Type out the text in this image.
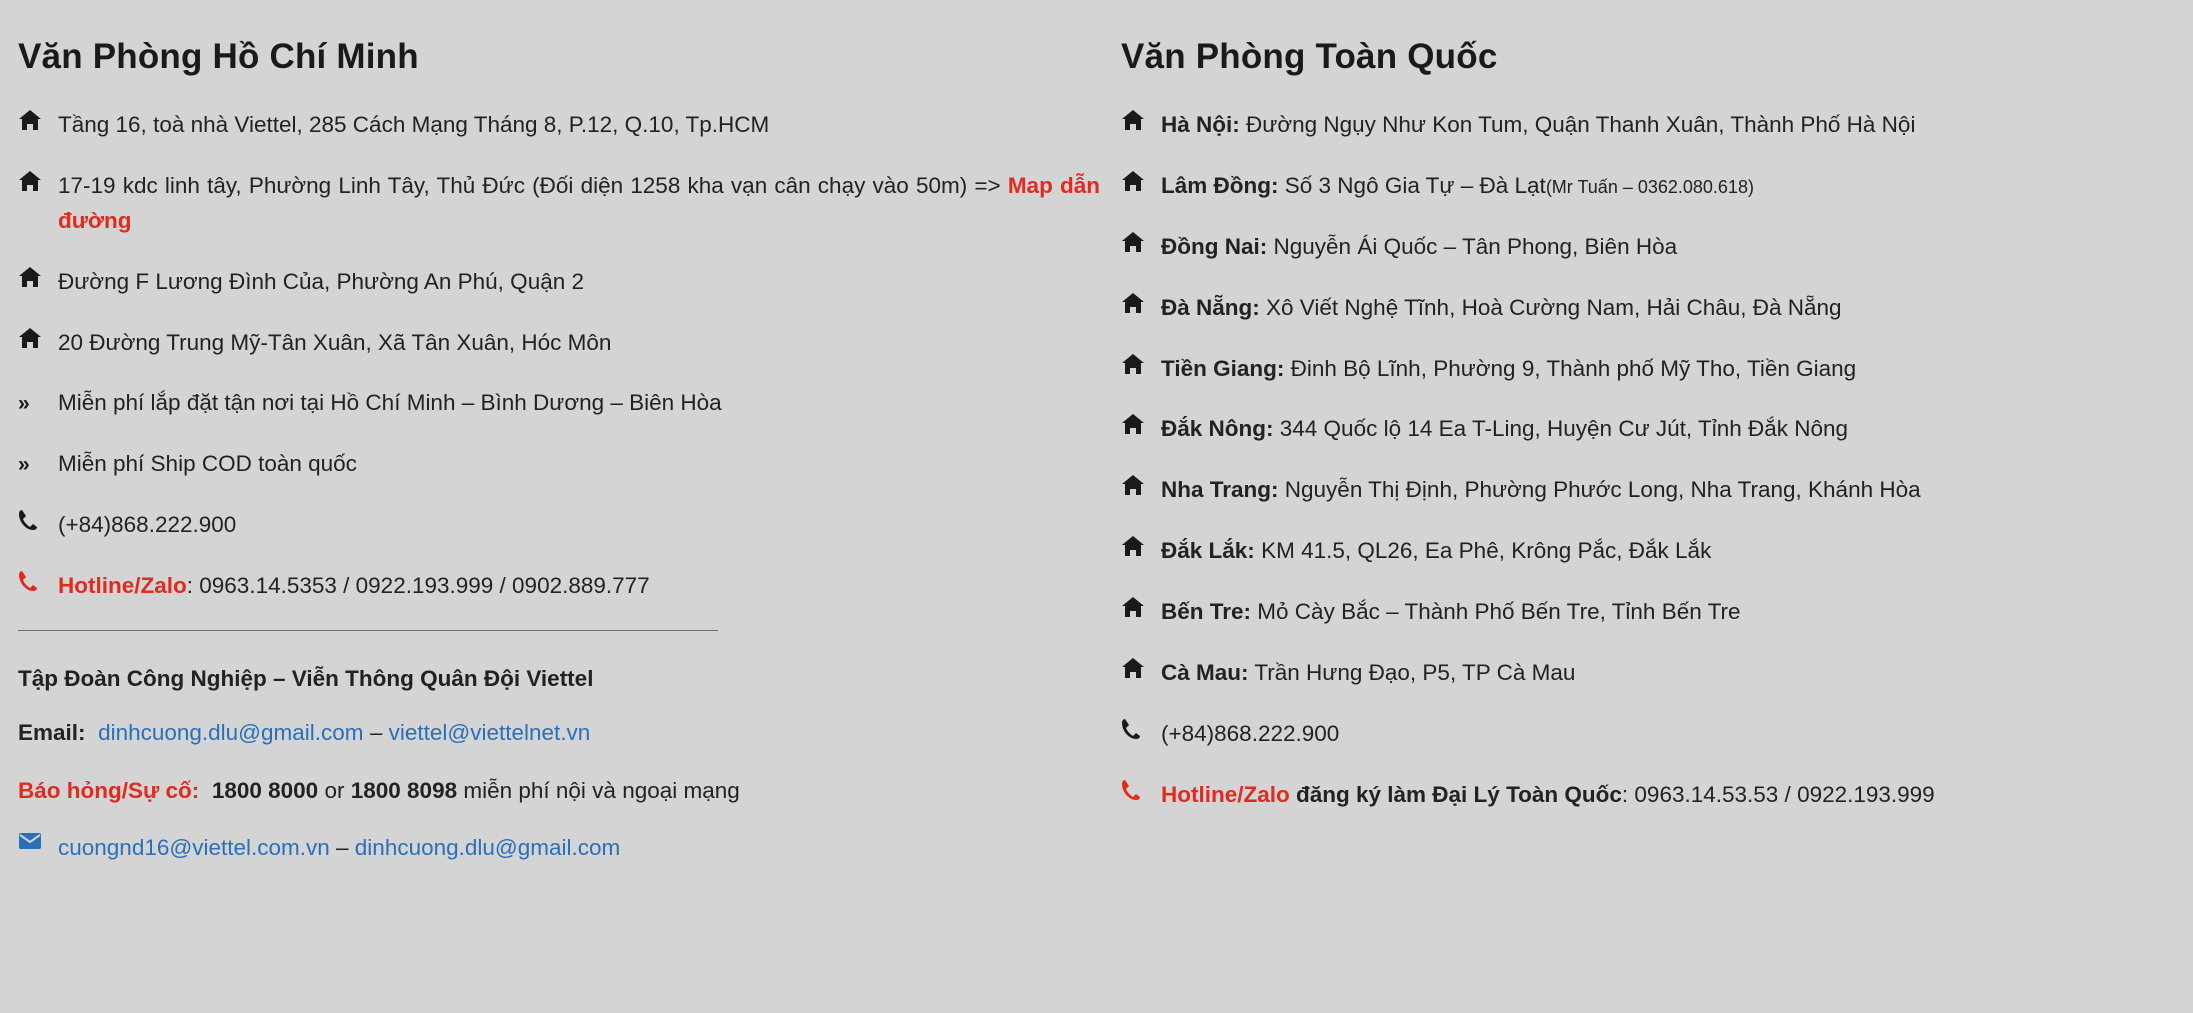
Văn Phòng Hồ Chí Minh
Tầng 16, toà nhà Viettel, 285 Cách Mạng Tháng 8, P.12, Q.10, Tp.HCM
17-19 kdc linh tây, Phường Linh Tây, Thủ Đức (Đối diện 1258 kha vạn cân chạy vào 50m) => Map dẫn đường
Đường F Lương Đình Của, Phường An Phú, Quận 2
20 Đường Trung Mỹ-Tân Xuân, Xã Tân Xuân, Hóc Môn
»	Miễn phí lắp đặt tận nơi tại Hồ Chí Minh – Bình Dương – Biên Hòa
»	Miễn phí Ship COD toàn quốc
(+84)868.222.900
Hotline/Zalo: 0963.14.5353 / 0922.193.999 / 0902.889.777
Tập Đoàn Công Nghiệp – Viễn Thông Quân Đội Viettel
Email: dinhcuong.dlu@gmail.com – viettel@viettelnet.vn
Báo hỏng/Sự cố: 1800 8000 or 1800 8098 miễn phí nội và ngoại mạng
cuongnd16@viettel.com.vn – dinhcuong.dlu@gmail.com
Văn Phòng Toàn Quốc
Hà Nội: Đường Ngụy Như Kon Tum, Quận Thanh Xuân, Thành Phố Hà Nội
Lâm Đồng: Số 3 Ngô Gia Tự – Đà Lạt(Mr Tuấn – 0362.080.618)
Đồng Nai: Nguyễn Ái Quốc – Tân Phong, Biên Hòa
Đà Nẵng: Xô Viết Nghệ Tĩnh, Hoà Cường Nam, Hải Châu, Đà Nẵng
Tiền Giang: Đinh Bộ Lĩnh, Phường 9, Thành phố Mỹ Tho, Tiền Giang
Đắk Nông: 344 Quốc lộ 14 Ea T-Ling, Huyện Cư Jút, Tỉnh Đắk Nông
Nha Trang: Nguyễn Thị Định, Phường Phước Long, Nha Trang, Khánh Hòa
Đắk Lắk: KM 41.5, QL26, Ea Phê, Krông Pắc, Đắk Lắk
Bến Tre: Mỏ Cày Bắc – Thành Phố Bến Tre, Tỉnh Bến Tre
Cà Mau: Trần Hưng Đạo, P5, TP Cà Mau
(+84)868.222.900
Hotline/Zalo đăng ký làm Đại Lý Toàn Quốc: 0963.14.53.53 / 0922.193.999
